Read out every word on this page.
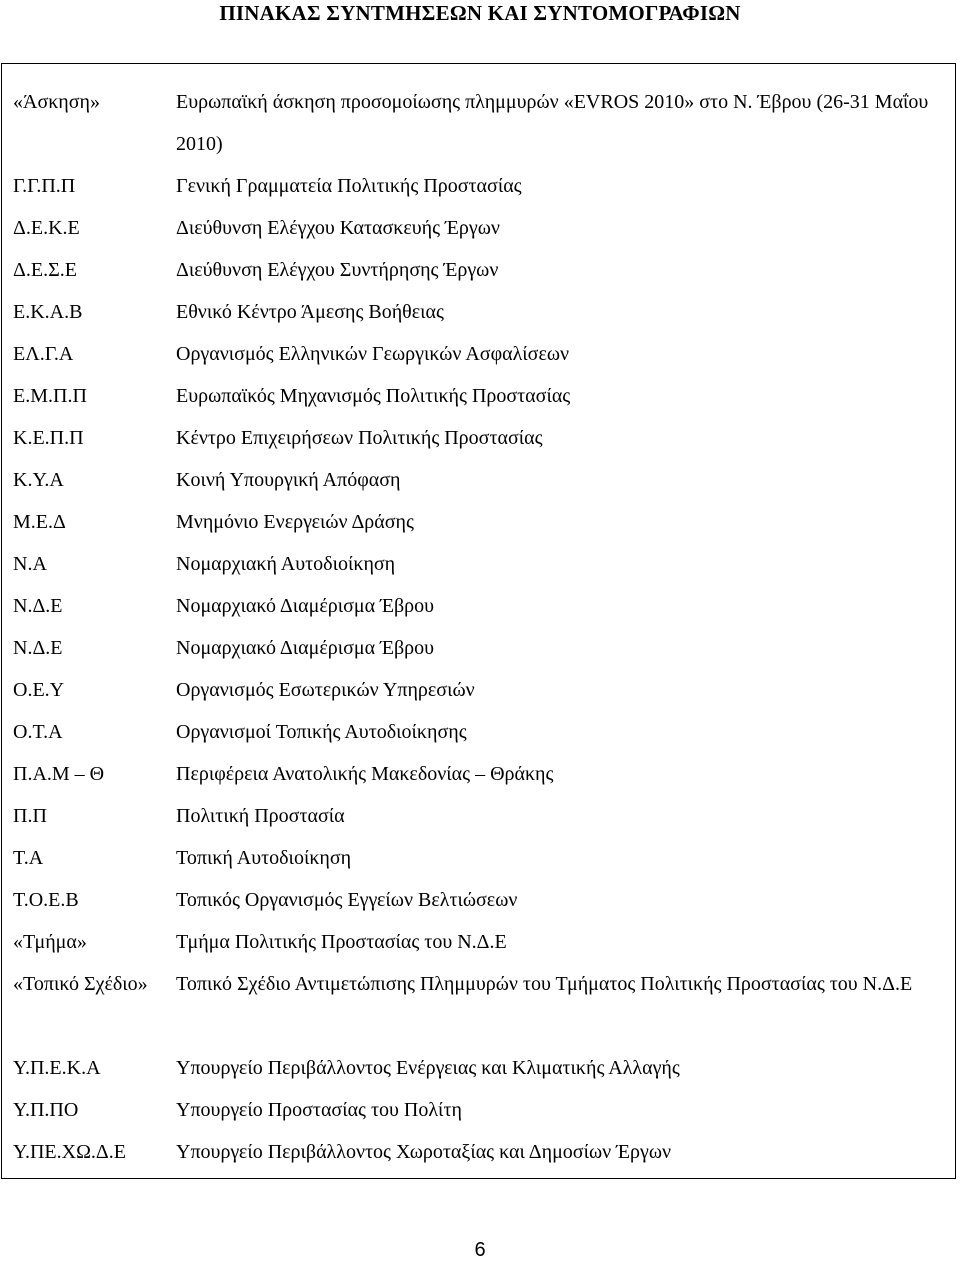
ΠΙΝΑΚΑΣ ΣΥΝΤΜΗΣΕΩΝ ΚΑΙ ΣΥΝΤΟΜΟΓΡΑΦΙΩΝ
«Άσκηση»	Ευρωπαϊκή άσκηση προσομοίωσης πλημμυρών «EVROS 2010» στο Ν. Έβρου (26-31 Μαΐου 2010)
Γ.Γ.Π.Π	Γενική Γραμματεία Πολιτικής Προστασίας
Δ.Ε.Κ.Ε	Διεύθυνση Ελέγχου Κατασκευής Έργων
Δ.Ε.Σ.Ε	Διεύθυνση Ελέγχου Συντήρησης Έργων
Ε.Κ.Α.Β	Εθνικό Κέντρο Άμεσης Βοήθειας
ΕΛ.Γ.Α	Οργανισμός Ελληνικών Γεωργικών Ασφαλίσεων
Ε.Μ.Π.Π	Ευρωπαϊκός Μηχανισμός Πολιτικής Προστασίας
Κ.Ε.Π.Π	Κέντρο Επιχειρήσεων Πολιτικής Προστασίας
Κ.Υ.Α	Κοινή Υπουργική Απόφαση
Μ.Ε.Δ	Μνημόνιο Ενεργειών Δράσης
Ν.Α	Νομαρχιακή Αυτοδιοίκηση
Ν.Δ.Ε	Νομαρχιακό Διαμέρισμα Έβρου
Ν.Δ.Ε	Νομαρχιακό Διαμέρισμα Έβρου
Ο.Ε.Υ	Οργανισμός Εσωτερικών Υπηρεσιών
Ο.Τ.Α	Οργανισμοί Τοπικής Αυτοδιοίκησης
Π.Α.Μ – Θ	Περιφέρεια Ανατολικής Μακεδονίας – Θράκης
Π.Π	Πολιτική Προστασία
Τ.Α	Τοπική Αυτοδιοίκηση
Τ.Ο.Ε.Β	Τοπικός Οργανισμός Εγγείων Βελτιώσεων
«Τμήμα»	Τμήμα Πολιτικής Προστασίας του Ν.Δ.Ε
«Τοπικό Σχέδιο»	Τοπικό Σχέδιο Αντιμετώπισης Πλημμυρών του Τμήματος Πολιτικής Προστασίας του Ν.Δ.Ε
Υ.Π.Ε.Κ.Α	Υπουργείο Περιβάλλοντος Ενέργειας και Κλιματικής Αλλαγής
Υ.Π.ΠΟ	Υπουργείο Προστασίας του Πολίτη
Υ.ΠΕ.ΧΩ.Δ.Ε	Υπουργείο Περιβάλλοντος Χωροταξίας και Δημοσίων Έργων
6
